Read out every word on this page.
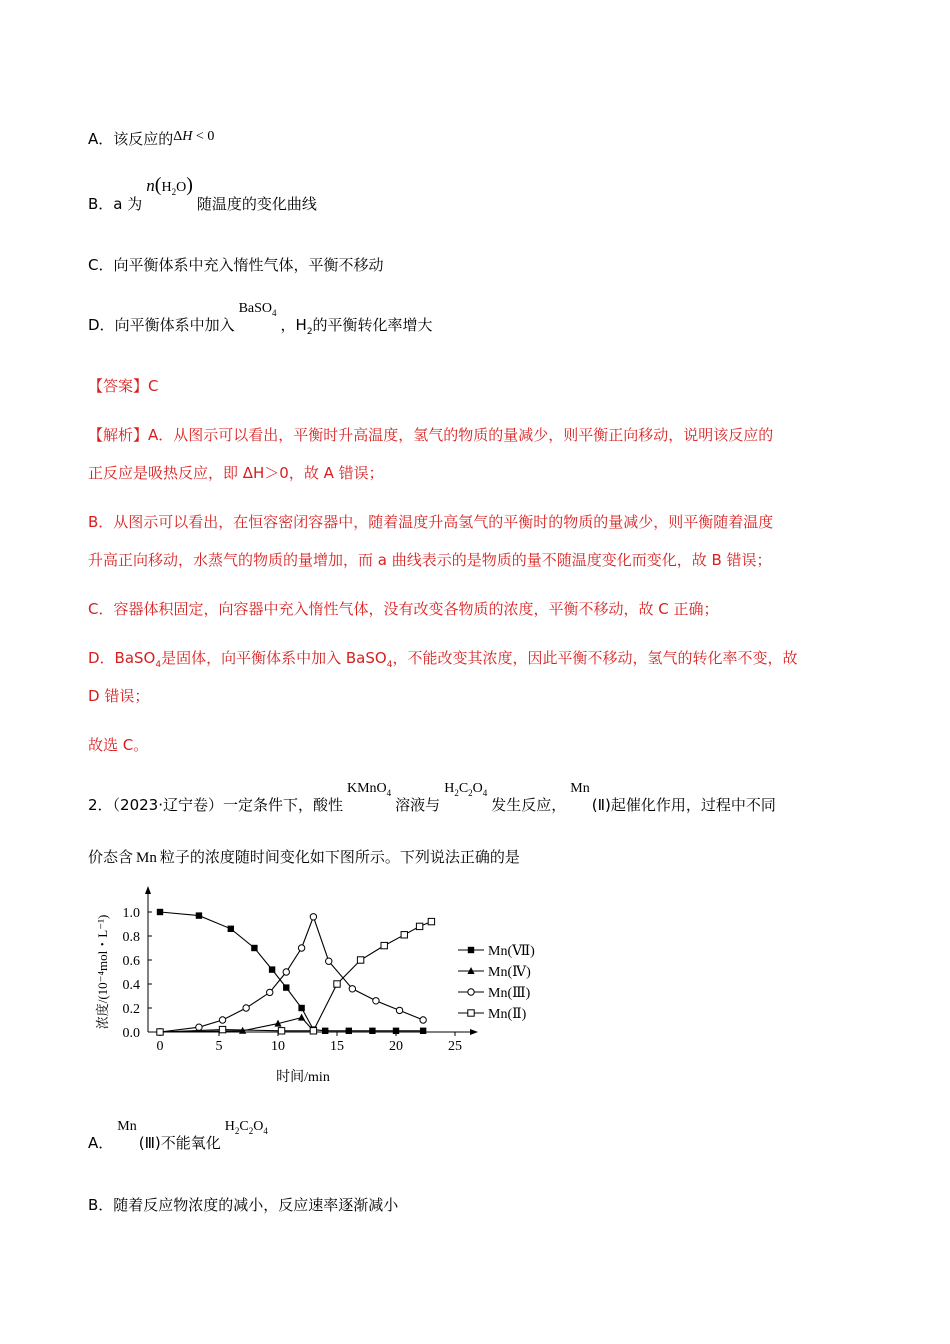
A．该反应的ΔH < 0
B．a 为$n(H_2O)$随温度的变化曲线
C．向平衡体系中充入惰性气体，平衡不移动
D．向平衡体系中加入BaSO$_4$，$H_2$的平衡转化率增大
【答案】C
【解析】A．从图示可以看出，平衡时升高温度，氢气的物质的量减少，则平衡正向移动，说明该反应的
正反应是吸热反应，即 ΔH＞0，故 A 错误；
B．从图示可以看出，在恒容密闭容器中，随着温度升高氢气的平衡时的物质的量减少，则平衡随着温度
升高正向移动，水蒸气的物质的量增加，而 a 曲线表示的是物质的量不随温度变化而变化，故 B 错误；
C．容器体积固定，向容器中充入惰性气体，没有改变各物质的浓度，平衡不移动，故 C 正确；
D．BaSO$_4$是固体，向平衡体系中加入 BaSO$_4$，不能改变其浓度，因此平衡不移动，氢气的转化率不变，故
D 错误；
故选 C。
2．（2023·辽宁卷）一定条件下，酸性KMnO$_4$溶液与$H_2C_2O_4$发生反应，Mn(Ⅱ)起催化作用，过程中不同
价态含 Mn 粒子的浓度随时间变化如下图所示。下列说法正确的是
0	5	10	15	20	25
0.0
0.2
0.4
0.6
0.8
1.0
时间/min
浓度/(10⁻⁴mol・L⁻¹)	Mn(Ⅶ)
Mn(Ⅳ)
Mn(Ⅲ)
Mn(Ⅱ)
A．Mn(Ⅲ)不能氧化$H_2C_2O_4$
B．随着反应物浓度的减小，反应速率逐渐减小
